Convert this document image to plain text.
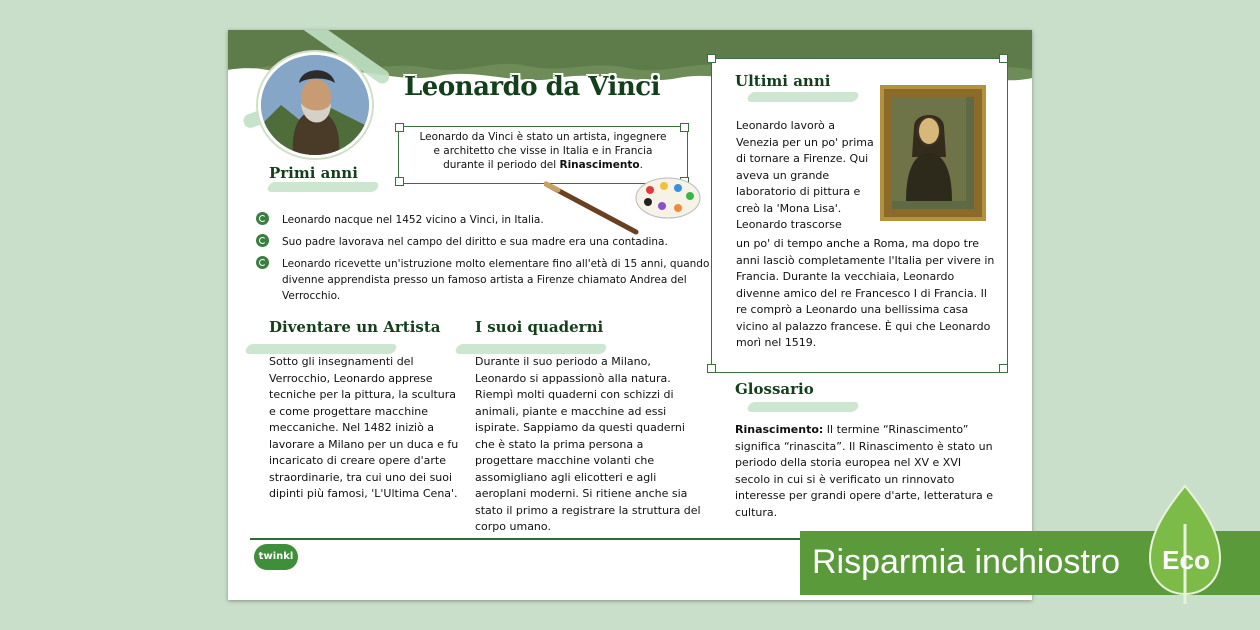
Leonardo da Vinci
Leonardo da Vinci è stato un artista, ingegnere e architetto che visse in Italia e in Francia durante il periodo del Rinascimento.
Primi anni
Leonardo nacque nel 1452 vicino a Vinci, in Italia.
Suo padre lavorava nel campo del diritto e sua madre era una contadina.
Leonardo ricevette un'istruzione molto elementare fino all'età di 15 anni, quando divenne apprendista presso un famoso artista a Firenze chiamato Andrea del Verrocchio.
Diventare un Artista

Sotto gli insegnamenti del Verrocchio, Leonardo apprese tecniche per la pittura, la scultura e come progettare macchine meccaniche. Nel 1482 iniziò a lavorare a Milano per un duca e fu incaricato di creare opere d'arte straordinarie, tra cui uno dei suoi dipinti più famosi, 'L'Ultima Cena'.

I suoi quaderni

Durante il suo periodo a Milano, Leonardo si appassionò alla natura. Riempì molti quaderni con schizzi di animali, piante e macchine ad essi ispirate. Sappiamo da questi quaderni che è stato la prima persona a progettare macchine volanti che assomigliano agli elicotteri e agli aeroplani moderni. Si ritiene anche sia stato il primo a registrare la struttura del corpo umano.

Ultimi anni

Leonardo lavorò a Venezia per un po' prima di tornare a Firenze. Qui aveva un grande laboratorio di pittura e creò la 'Mona Lisa'. Leonardo trascorse

un po' di tempo anche a Roma, ma dopo tre anni lasciò completamente l'Italia per vivere in Francia. Durante la vecchiaia, Leonardo divenne amico del re Francesco I di Francia. Il re comprò a Leonardo una bellissima casa vicino al palazzo francese. È qui che Leonardo morì nel 1519.

Glossario

Rinascimento: Il termine “Rinascimento” significa “rinascita”. Il Rinascimento è stato un periodo della storia europea nel XV e XVI secolo in cui si è verificato un rinnovato interesse per grandi opere d'arte, letteratura e cultura.

twinkl	Risparmia inchiostro Eco
